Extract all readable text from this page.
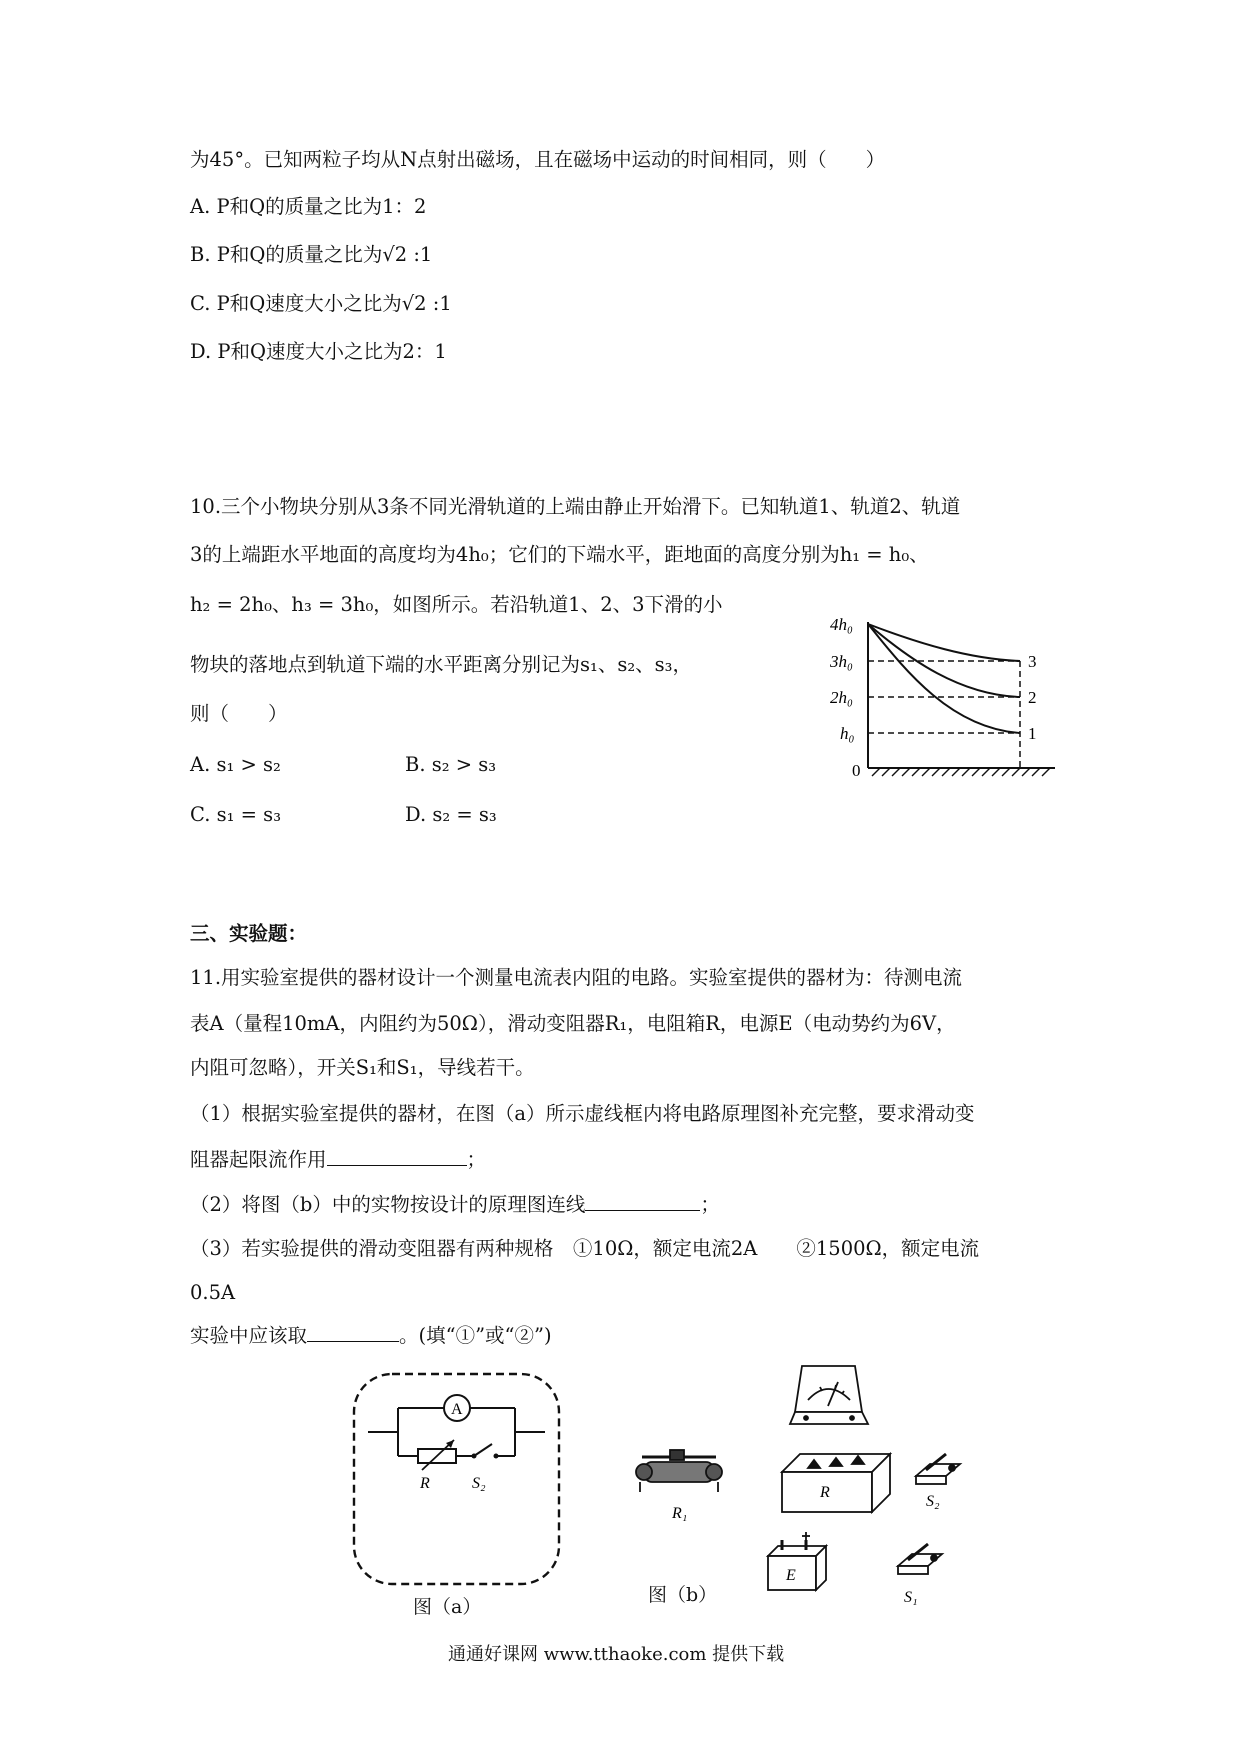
为45°。已知两粒子均从N点射出磁场，且在磁场中运动的时间相同，则（　　）
A. P和Q的质量之比为1：2
B. P和Q的质量之比为√2 :1
C. P和Q速度大小之比为√2 :1
D. P和Q速度大小之比为2：1
10.三个小物块分别从3条不同光滑轨道的上端由静止开始滑下。已知轨道1、轨道2、轨道
3的上端距水平地面的高度均为4h₀；它们的下端水平，距地面的高度分别为h₁ = h₀、
h₂ = 2h₀、h₃ = 3h₀，如图所示。若沿轨道1、2、3下滑的小
物块的落地点到轨道下端的水平距离分别记为s₁、s₂、s₃，
则（　　）
A. s₁ > s₂	B. s₂ > s₃
C. s₁ = s₃	D. s₂ = s₃
4h₀
3h₀
2h₀
h₀
0
3
2
1
三、实验题：
11.用实验室提供的器材设计一个测量电流表内阻的电路。实验室提供的器材为：待测电流
表A（量程10mA，内阻约为50Ω），滑动变阻器R₁，电阻箱R，电源E（电动势约为6V，
内阻可忽略），开关S₁和S₁，导线若干。
（1）根据实验室提供的器材，在图（a）所示虚线框内将电路原理图补充完整，要求滑动变
阻器起限流作用	；
（2）将图（b）中的实物按设计的原理图连线	；
（3）若实验提供的滑动变阻器有两种规格　①10Ω，额定电流2A　　②1500Ω，额定电流
0.5A
实验中应该取	。(填“①”或“②”)
A
R	S₂
图（a）
R₁
R
S₂
E
S₁
图（b）
通通好课网 www.tthaoke.com 提供下载
